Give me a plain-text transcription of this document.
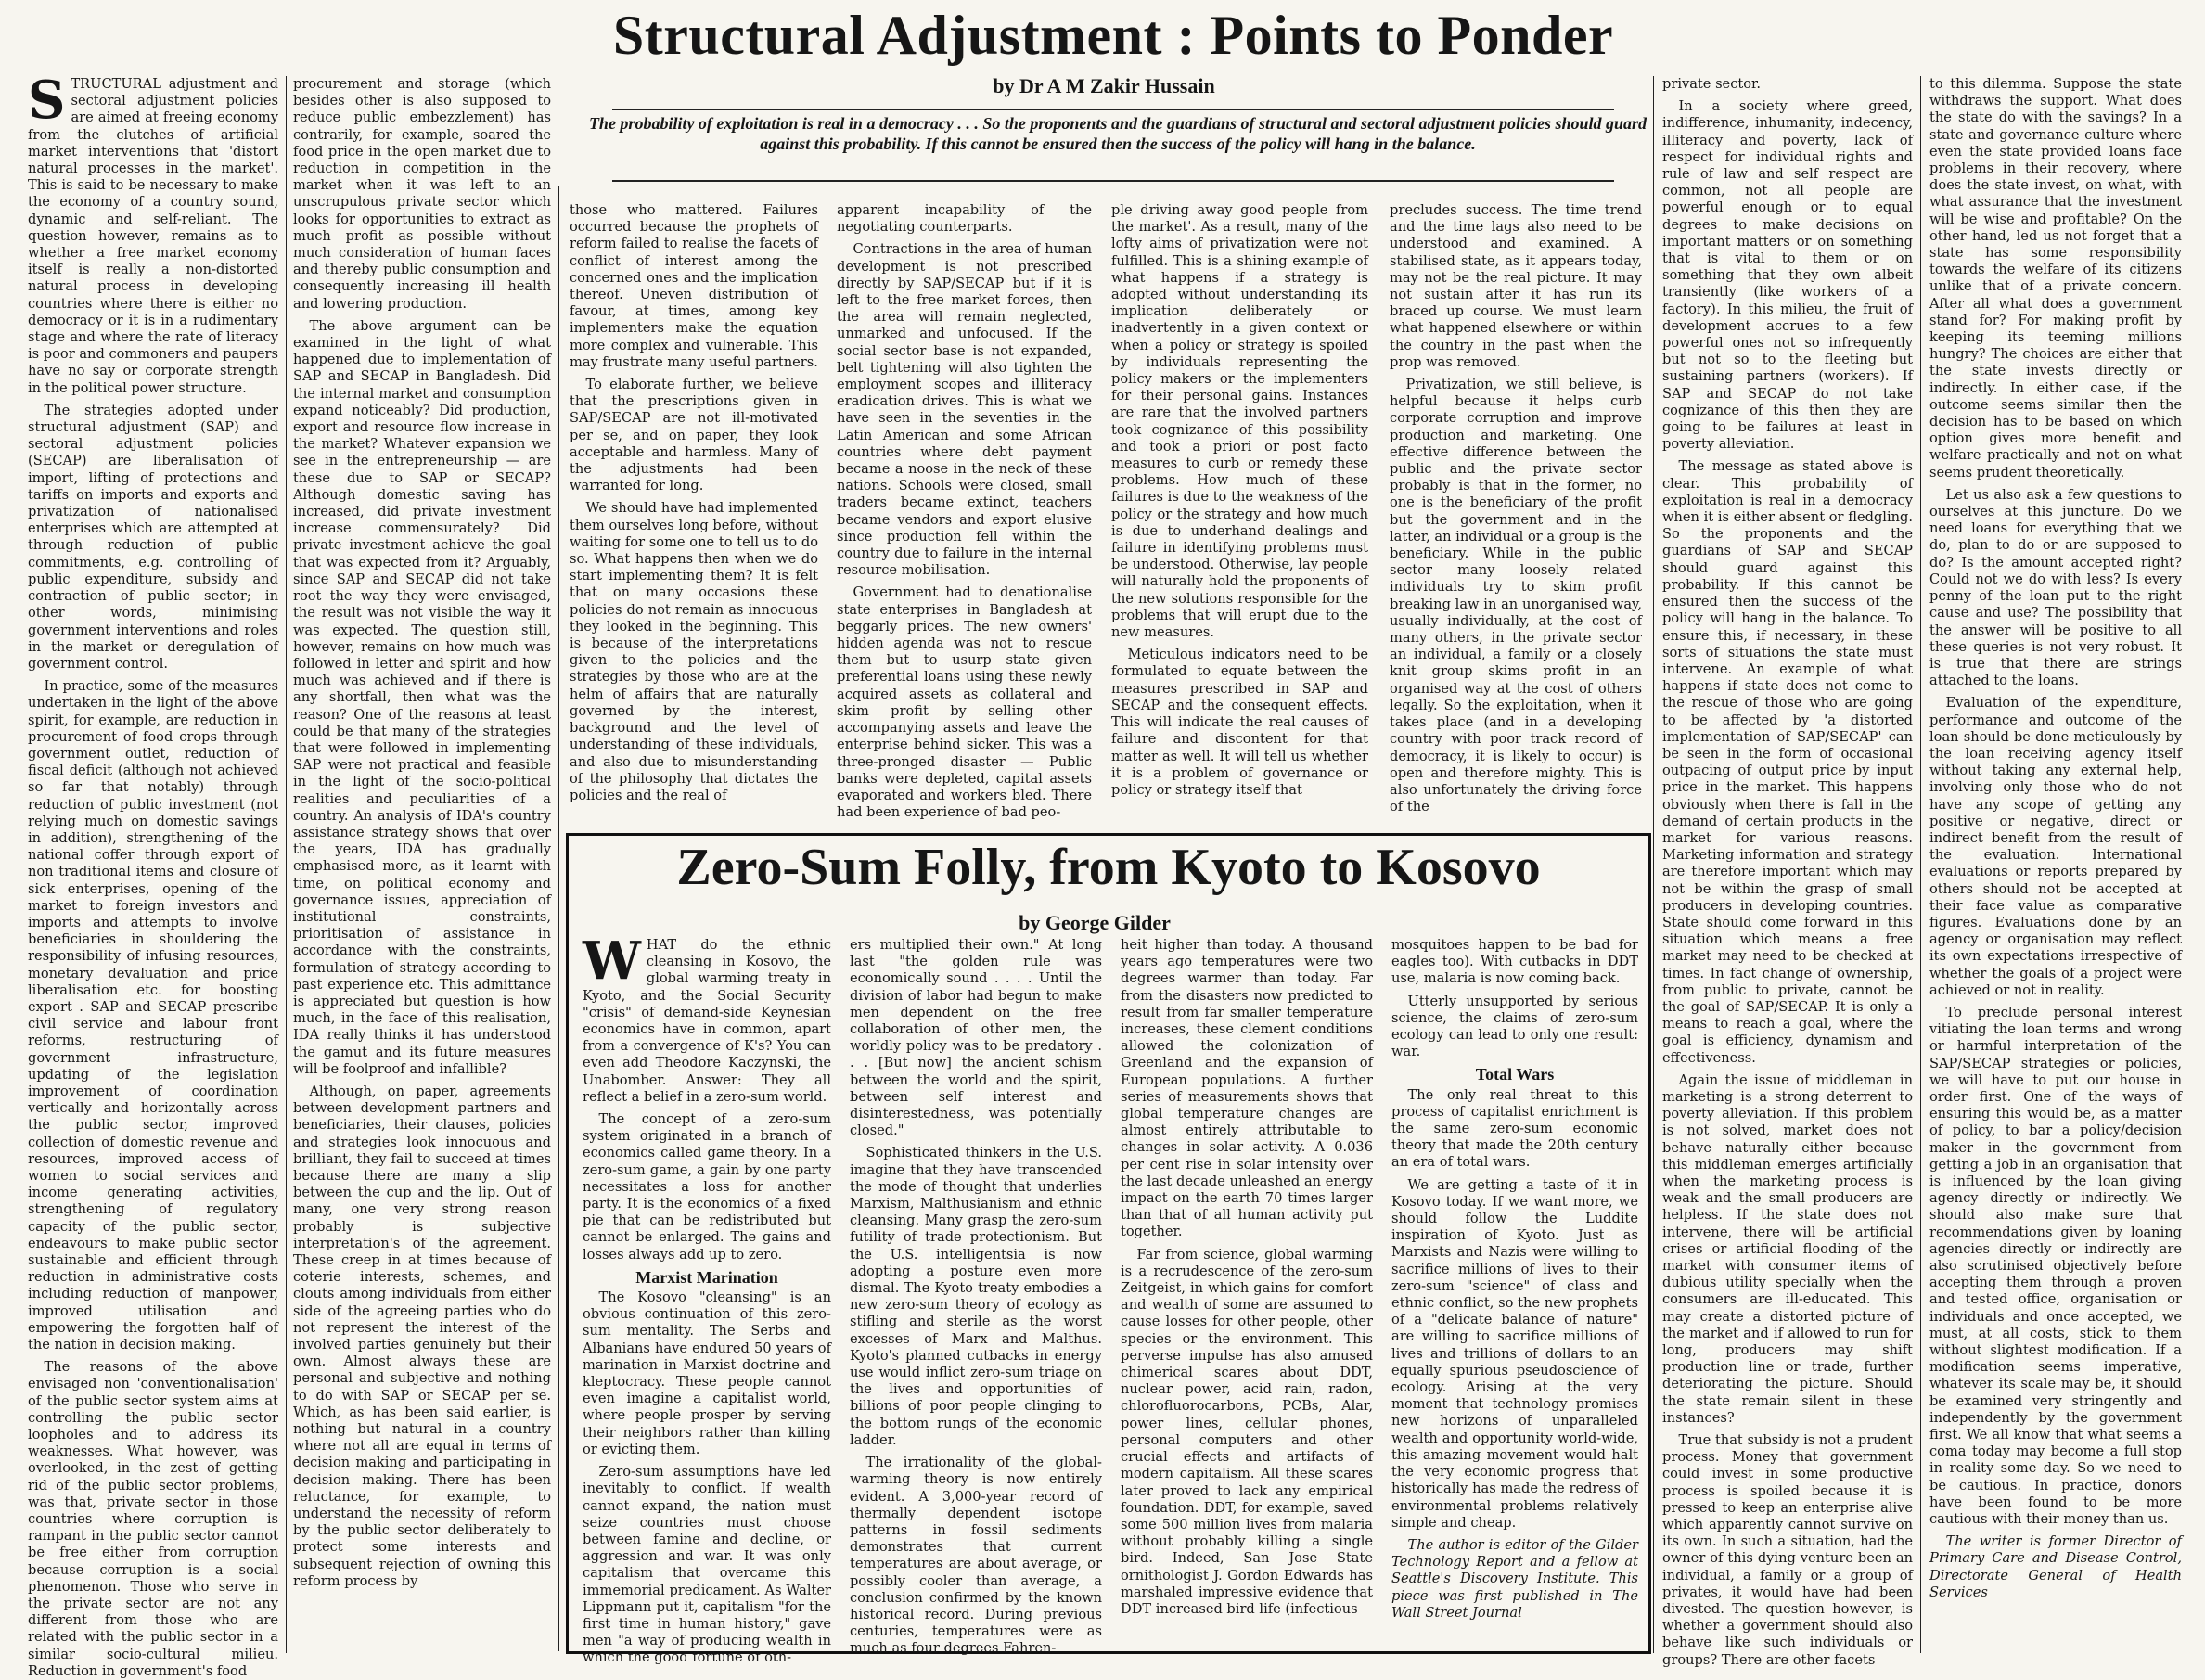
Structural Adjustment : Points to Ponder
by Dr A M Zakir Hussain
The probability of exploitation is real in a democracy . . . So the proponents and the guardians of structural and sectoral adjustment policies should guard against this probability. If this cannot be ensured then the success of the policy will hang in the balance.

STRUCTURAL adjustment and sectoral adjustment policies are aimed at freeing economy from the clutches of artificial market interventions that 'distort natural processes in the market'. This is said to be necessary to make the economy of a country sound, dynamic and self-reliant. The question however, remains as to whether a free market economy itself is really a non-distorted natural process in developing countries where there is either no democracy or it is in a rudimentary stage and where the rate of literacy is poor and commoners and paupers have no say or corporate strength in the political power structure.

The strategies adopted under structural adjustment (SAP) and sectoral adjustment policies (SECAP) are liberalisation of import, lifting of protections and tariffs on imports and exports and privatization of nationalised enterprises which are attempted at through reduction of public commitments, e.g. controlling of public expenditure, subsidy and contraction of public sector; in other words, minimising government interventions and roles in the market or deregulation of government control.

In practice, some of the measures undertaken in the light of the above spirit, for example, are reduction in procurement of food crops through government outlet, reduction of fiscal deficit (although not achieved so far that notably) through reduction of public investment (not relying much on domestic savings in addition), strengthening of the national coffer through export of non traditional items and closure of sick enterprises, opening of the market to foreign investors and imports and attempts to involve beneficiaries in shouldering the responsibility of infusing resources, monetary devaluation and price liberalisation etc. for boosting export . SAP and SECAP prescribe civil service and labour front reforms, restructuring of government infrastructure, updating of the legislation improvement of coordination vertically and horizontally across the public sector, improved collection of domestic revenue and resources, improved access of women to social services and income generating activities, strengthening of regulatory capacity of the public sector, endeavours to make public sector sustainable and efficient through reduction in administrative costs including reduction of manpower, improved utilisation and empowering the forgotten half of the nation in decision making.

The reasons of the above envisaged non 'conventionalisation' of the public sector system aims at controlling the public sector loopholes and to address its weaknesses. What however, was overlooked, in the zest of getting rid of the public sector problems, was that, private sector in those countries where corruption is rampant in the public sector cannot be free either from corruption because corruption is a social phenomenon. Those who serve in the private sector are not any different from those who are related with the public sector in a similar socio-cultural milieu. Reduction in government's food

procurement and storage (which besides other is also supposed to reduce public embezzlement) has contrarily, for example, soared the food price in the open market due to reduction in competition in the market when it was left to an unscrupulous private sector which looks for opportunities to extract as much profit as possible without much consideration of human faces and thereby public consumption and consequently increasing ill health and lowering production.

The above argument can be examined in the light of what happened due to implementation of SAP and SECAP in Bangladesh. Did the internal market and consumption expand noticeably? Did production, export and resource flow increase in the market? Whatever expansion we see in the entrepreneurship — are these due to SAP or SECAP? Although domestic saving has increased, did private investment increase commensurately? Did private investment achieve the goal that was expected from it? Arguably, since SAP and SECAP did not take root the way they were envisaged, the result was not visible the way it was expected. The question still, however, remains on how much was followed in letter and spirit and how much was achieved and if there is any shortfall, then what was the reason? One of the reasons at least could be that many of the strategies that were followed in implementing SAP were not practical and feasible in the light of the socio-political realities and peculiarities of a country. An analysis of IDA's country assistance strategy shows that over the years, IDA has gradually emphasised more, as it learnt with time, on political economy and governance issues, appreciation of institutional constraints, prioritisation of assistance in accordance with the constraints, formulation of strategy according to past experience etc. This admittance is appreciated but question is how much, in the face of this realisation, IDA really thinks it has understood the gamut and its future measures will be foolproof and infallible?

Although, on paper, agreements between development partners and beneficiaries, their clauses, policies and strategies look innocuous and brilliant, they fail to succeed at times because there are many a slip between the cup and the lip. Out of many, one very strong reason probably is subjective interpretation's of the agreement. These creep in at times because of coterie interests, schemes, and clouts among individuals from either side of the agreeing parties who do not represent the interest of the involved parties genuinely but their own. Almost always these are personal and subjective and nothing to do with SAP or SECAP per se. Which, as has been said earlier, is nothing but natural in a country where not all are equal in terms of decision making and participating in decision making. There has been reluctance, for example, to understand the necessity of reform by the public sector deliberately to protect some interests and subsequent rejection of owning this reform process by

those who mattered. Failures occurred because the prophets of reform failed to realise the facets of conflict of interest among the concerned ones and the implication thereof. Uneven distribution of favour, at times, among key implementers make the equation more complex and vulnerable. This may frustrate many useful partners.

To elaborate further, we believe that the prescriptions given in SAP/SECAP are not ill-motivated per se, and on paper, they look acceptable and harmless. Many of the adjustments had been warranted for long.

We should have had implemented them ourselves long before, without waiting for some one to tell us to do so. What happens then when we do start implementing them? It is felt that on many occasions these policies do not remain as innocuous they looked in the beginning. This is because of the interpretations given to the policies and the strategies by those who are at the helm of affairs that are naturally governed by the interest, background and the level of understanding of these individuals, and also due to misunderstanding of the philosophy that dictates the policies and the real of

apparent incapability of the negotiating counterparts.

Contractions in the area of human development is not prescribed directly by SAP/SECAP but if it is left to the free market forces, then the area will remain neglected, unmarked and unfocused. If the social sector base is not expanded, belt tightening will also tighten the employment scopes and illiteracy eradication drives. This is what we have seen in the seventies in the Latin American and some African countries where debt payment became a noose in the neck of these nations. Schools were closed, small traders became extinct, teachers became vendors and export elusive since production fell within the country due to failure in the internal resource mobilisation.

Government had to denationalise state enterprises in Bangladesh at beggarly prices. The new owners' hidden agenda was not to rescue them but to usurp state given preferential loans using these newly acquired assets as collateral and skim profit by selling other accompanying assets and leave the enterprise behind sicker. This was a three-pronged disaster — Public banks were depleted, capital assets evaporated and workers bled. There had been experience of bad peo-

ple driving away good people from the market'. As a result, many of the lofty aims of privatization were not fulfilled. This is a shining example of what happens if a strategy is adopted without understanding its implication deliberately or inadvertently in a given context or when a policy or strategy is spoiled by individuals representing the policy makers or the implementers for their personal gains. Instances are rare that the involved partners took cognizance of this possibility and took a priori or post facto measures to curb or remedy these problems. How much of these failures is due to the weakness of the policy or the strategy and how much is due to underhand dealings and failure in identifying problems must be understood. Otherwise, lay people will naturally hold the proponents of the new solutions responsible for the problems that will erupt due to the new measures.

Meticulous indicators need to be formulated to equate between the measures prescribed in SAP and SECAP and the consequent effects. This will indicate the real causes of failure and discontent for that matter as well. It will tell us whether it is a problem of governance or policy or strategy itself that

precludes success. The time trend and the time lags also need to be understood and examined. A stabilised state, as it appears today, may not be the real picture. It may not sustain after it has run its braced up course. We must learn what happened elsewhere or within the country in the past when the prop was removed.

Privatization, we still believe, is helpful because it helps curb corporate corruption and improve production and marketing. One effective difference between the public and the private sector probably is that in the former, no one is the beneficiary of the profit but the government and in the latter, an individual or a group is the beneficiary. While in the public sector many loosely related individuals try to skim profit breaking law in an unorganised way, usually individually, at the cost of many others, in the private sector an individual, a family or a closely knit group skims profit in an organised way at the cost of others legally. So the exploitation, when it takes place (and in a developing country with poor track record of democracy, it is likely to occur) is open and therefore mighty. This is also unfortunately the driving force of the

private sector.

In a society where greed, indifference, inhumanity, indecency, illiteracy and poverty, lack of respect for individual rights and rule of law and self respect are common, not all people are powerful enough or to equal degrees to make decisions on important matters or on something that is vital to them or on something that they own albeit transiently (like workers of a factory). In this milieu, the fruit of development accrues to a few powerful ones not so infrequently but not so to the fleeting but sustaining partners (workers). If SAP and SECAP do not take cognizance of this then they are going to be failures at least in poverty alleviation.

The message as stated above is clear. This probability of exploitation is real in a democracy when it is either absent or fledgling. So the proponents and the guardians of SAP and SECAP should guard against this probability. If this cannot be ensured then the success of the policy will hang in the balance. To ensure this, if necessary, in these sorts of situations the state must intervene. An example of what happens if state does not come to the rescue of those who are going to be affected by 'a distorted implementation of SAP/SECAP' can be seen in the form of occasional outpacing of output price by input price in the market. This happens obviously when there is fall in the demand of certain products in the market for various reasons. Marketing information and strategy are therefore important which may not be within the grasp of small producers in developing countries. State should come forward in this situation which means a free market may need to be checked at times. In fact change of ownership, from public to private, cannot be the goal of SAP/SECAP. It is only a means to reach a goal, where the goal is efficiency, dynamism and effectiveness.

Again the issue of middleman in marketing is a strong deterrent to poverty alleviation. If this problem is not solved, market does not behave naturally either because this middleman emerges artificially when the marketing process is weak and the small producers are helpless. If the state does not intervene, there will be artificial crises or artificial flooding of the market with consumer items of dubious utility specially when the consumers are ill-educated. This may create a distorted picture of the market and if allowed to run for long, producers may shift production line or trade, further deteriorating the picture. Should the state remain silent in these instances?

True that subsidy is not a prudent process. Money that government could invest in some productive process is spoiled because it is pressed to keep an enterprise alive which apparently cannot survive on its own. In such a situation, had the owner of this dying venture been an individual, a family or a group of privates, it would have had been divested. The question however, is whether a government should also behave like such individuals or groups? There are other facets

to this dilemma. Suppose the state withdraws the support. What does the state do with the savings? In a state and governance culture where even the state provided loans face problems in their recovery, where does the state invest, on what, with what assurance that the investment will be wise and profitable? On the other hand, led us not forget that a state has some responsibility towards the welfare of its citizens unlike that of a private concern. After all what does a government stand for? For making profit by keeping its teeming millions hungry? The choices are either that the state invests directly or indirectly. In either case, if the outcome seems similar then the decision has to be based on which option gives more benefit and welfare practically and not on what seems prudent theoretically.

Let us also ask a few questions to ourselves at this juncture. Do we need loans for everything that we do, plan to do or are supposed to do? Is the amount accepted right? Could not we do with less? Is every penny of the loan put to the right cause and use? The possibility that the answer will be positive to all these queries is not very robust. It is true that there are strings attached to the loans.

Evaluation of the expenditure, performance and outcome of the loan should be done meticulously by the loan receiving agency itself without taking any external help, involving only those who do not have any scope of getting any positive or negative, direct or indirect benefit from the result of the evaluation. International evaluations or reports prepared by others should not be accepted at their face value as comparative figures. Evaluations done by an agency or organisation may reflect its own expectations irrespective of whether the goals of a project were achieved or not in reality.

To preclude personal interest vitiating the loan terms and wrong or harmful interpretation of the SAP/SECAP strategies or policies, we will have to put our house in order first. One of the ways of ensuring this would be, as a matter of policy, to bar a policy/decision maker in the government from getting a job in an organisation that is influenced by the loan giving agency directly or indirectly. We should also make sure that recommendations given by loaning agencies directly or indirectly are also scrutinised objectively before accepting them through a proven and tested office, organisation or individuals and once accepted, we must, at all costs, stick to them without slightest modification. If a modification seems imperative, whatever its scale may be, it should be examined very stringently and independently by the government first. We all know that what seems a coma today may become a full stop in reality some day. So we need to be cautious. In practice, donors have been found to be more cautious with their money than us.

The writer is former Director of Primary Care and Disease Control, Directorate General of Health Services

Zero-Sum Folly, from Kyoto to Kosovo
by George Gilder

WHAT do the ethnic cleansing in Kosovo, the global warming treaty in Kyoto, and the Social Security "crisis" of demand-side Keynesian economics have in common, apart from a convergence of K's? You can even add Theodore Kaczynski, the Unabomber. Answer: They all reflect a belief in a zero-sum world.

The concept of a zero-sum system originated in a branch of economics called game theory. In a zero-sum game, a gain by one party necessitates a loss for another party. It is the economics of a fixed pie that can be redistributed but cannot be enlarged. The gains and losses always add up to zero.

Marxist Marination

The Kosovo "cleansing" is an obvious continuation of this zero-sum mentality. The Serbs and Albanians have endured 50 years of marination in Marxist doctrine and kleptocracy. These people cannot even imagine a capitalist world, where people prosper by serving their neighbors rather than killing or evicting them.

Zero-sum assumptions have led inevitably to conflict. If wealth cannot expand, the nation must seize countries must choose between famine and decline, or aggression and war. It was only capitalism that overcame this immemorial predicament. As Walter Lippmann put it, capitalism "for the first time in human history," gave men "a way of producing wealth in which the good fortune of oth-

ers multiplied their own." At long last "the golden rule was economically sound . . . . Until the division of labor had begun to make men dependent on the free collaboration of other men, the worldly policy was to be predatory . . . [But now] the ancient schism between the world and the spirit, between self interest and disinterestedness, was potentially closed."

Sophisticated thinkers in the U.S. imagine that they have transcended the mode of thought that underlies Marxism, Malthusianism and ethnic cleansing. Many grasp the zero-sum futility of trade protectionism. But the U.S. intelligentsia is now adopting a posture even more dismal. The Kyoto treaty embodies a new zero-sum theory of ecology as stifling and sterile as the worst excesses of Marx and Malthus. Kyoto's planned cutbacks in energy use would inflict zero-sum triage on the lives and opportunities of billions of poor people clinging to the bottom rungs of the economic ladder.

The irrationality of the global-warming theory is now entirely evident. A 3,000-year record of thermally dependent isotope patterns in fossil sediments demonstrates that current temperatures are about average, or possibly cooler than average, a conclusion confirmed by the known historical record. During previous centuries, temperatures were as much as four degrees Fahren-

heit higher than today. A thousand years ago temperatures were two degrees warmer than today. Far from the disasters now predicted to result from far smaller temperature increases, these clement conditions allowed the colonization of Greenland and the expansion of European populations. A further series of measurements shows that global temperature changes are almost entirely attributable to changes in solar activity. A 0.036 per cent rise in solar intensity over the last decade unleashed an energy impact on the earth 70 times larger than that of all human activity put together.

Far from science, global warming is a recrudescence of the zero-sum Zeitgeist, in which gains for comfort and wealth of some are assumed to cause losses for other people, other species or the environment. This perverse impulse has also amused chimerical scares about DDT, nuclear power, acid rain, radon, chlorofluorocarbons, PCBs, Alar, power lines, cellular phones, personal computers and other crucial effects and artifacts of modern capitalism. All these scares later proved to lack any empirical foundation. DDT, for example, saved some 500 million lives from malaria without probably killing a single bird. Indeed, San Jose State ornithologist J. Gordon Edwards has marshaled impressive evidence that DDT increased bird life (infectious

mosquitoes happen to be bad for eagles too). With cutbacks in DDT use, malaria is now coming back.

Utterly unsupported by serious science, the claims of zero-sum ecology can lead to only one result: war.

Total Wars

The only real threat to this process of capitalist enrichment is the same zero-sum economic theory that made the 20th century an era of total wars.

We are getting a taste of it in Kosovo today. If we want more, we should follow the Luddite inspiration of Kyoto. Just as Marxists and Nazis were willing to sacrifice millions of lives to their zero-sum "science" of class and ethnic conflict, so the new prophets of a "delicate balance of nature" are willing to sacrifice millions of lives and trillions of dollars to an equally spurious pseudoscience of ecology. Arising at the very moment that technology promises new horizons of unparalleled wealth and opportunity world-wide, this amazing movement would halt the very economic progress that historically has made the redress of environmental problems relatively simple and cheap.

The author is editor of the Gilder Technology Report and a fellow at Seattle's Discovery Institute. This piece was first published in The Wall Street Journal
